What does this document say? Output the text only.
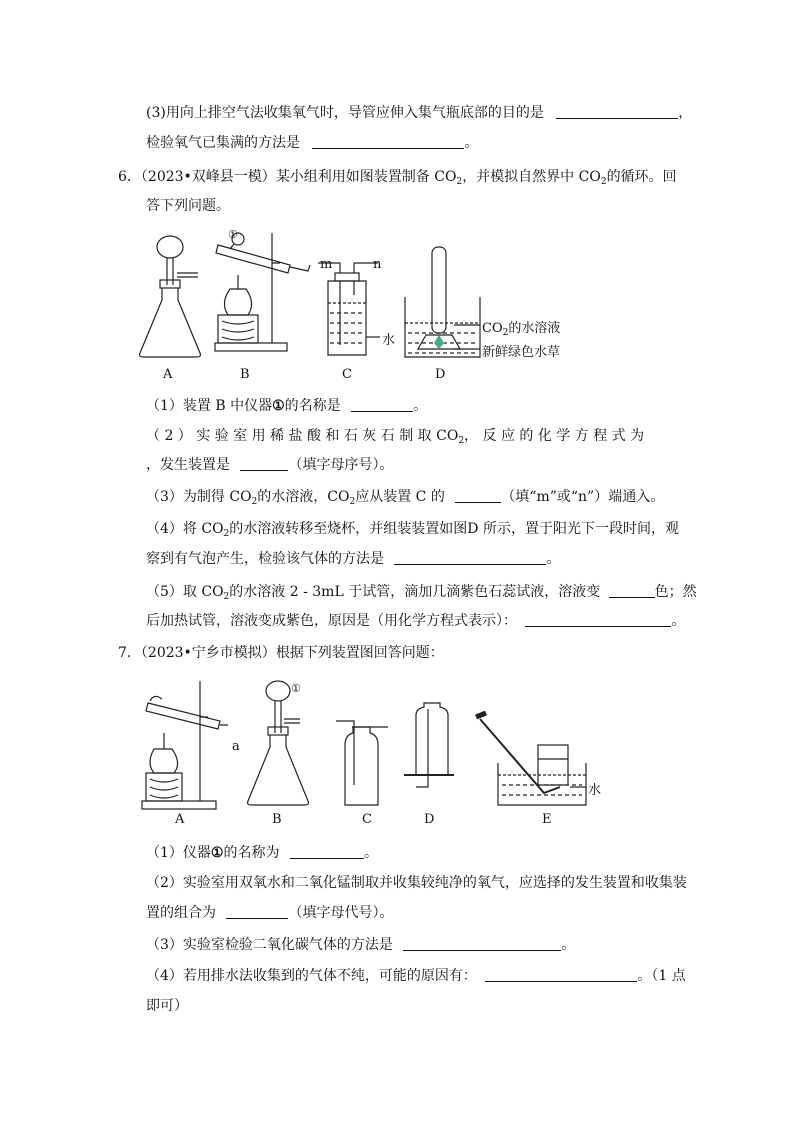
(3)用向上排空气法收集氧气时，导管应伸入集气瓶底部的目的是	，
检验氧气已集满的方法是	。
6．（2023•双峰县一模）某小组利用如图装置制备 $CO_2$，并模拟自然界中 $CO_2$的循环。回
答下列问题。
A	B	C	D
①
m	n
水
$CO_2$的水溶液
新鲜绿色水草
（1）装置 B 中仪器①的名称是	。
（ 2 ） 实 验 室 用 稀 盐 酸 和 石 灰 石 制 取 $CO_2$， 反 应 的 化 学 方 程 式 为
，发生装置是	（填字母序号）。
（3）为制得 $CO_2$的水溶液，$CO_2$应从装置 C 的	（填“m”或“n”）端通入。
（4）将 $CO_2$的水溶液转移至烧杯，并组装装置如图D 所示，置于阳光下一段时间，观
察到有气泡产生，检验该气体的方法是	。
（5）取 $CO_2$的水溶液 2 - 3mL 于试管，滴加几滴紫色石蕊试液，溶液变	色；然
后加热试管，溶液变成紫色，原因是（用化学方程式表示）：	。
7．（2023•宁乡市模拟）根据下列装置图回答问题：
A	B	C	D	E
a
①
水
（1）仪器①的名称为	。
（2）实验室用双氧水和二氧化锰制取并收集较纯净的氧气，应选择的发生装置和收集装
置的组合为	（填字母代号）。
（3）实验室检验二氧化碳气体的方法是	。
（4）若用排水法收集到的气体不纯，可能的原因有：	。（1 点
即可）
